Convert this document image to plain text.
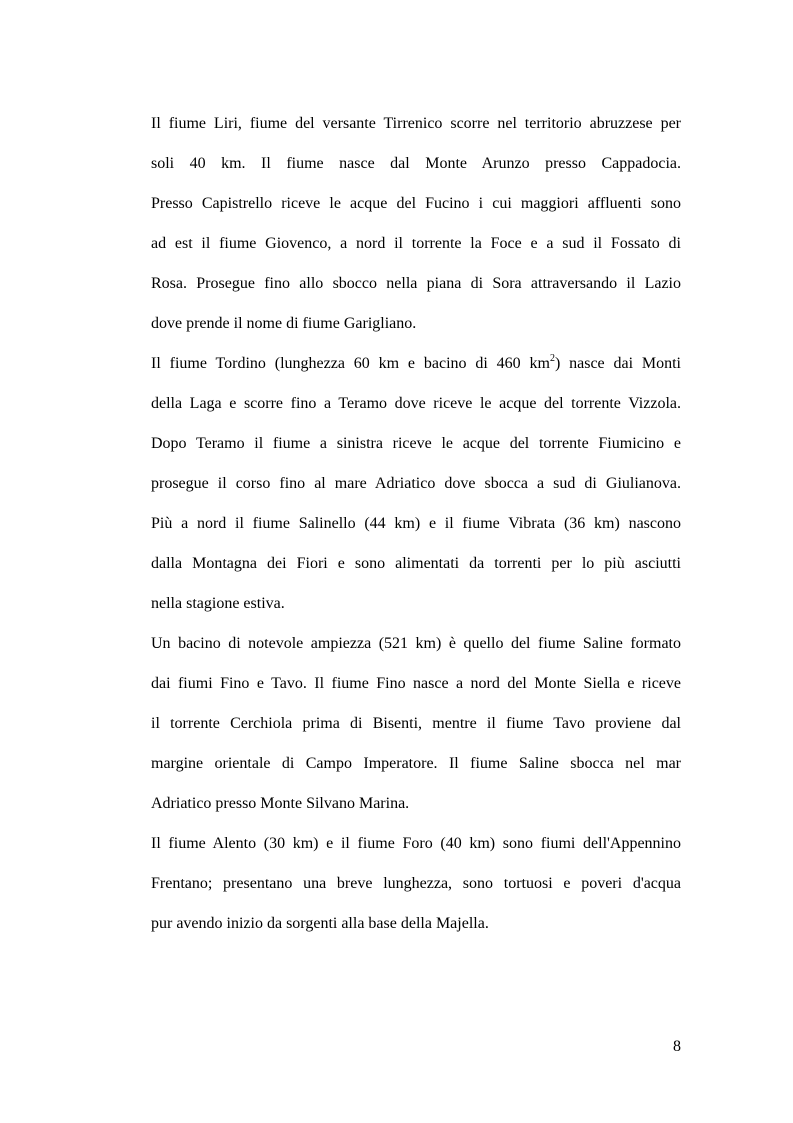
Il fiume Liri, fiume del versante Tirrenico scorre nel territorio abruzzese per
soli 40 km. Il fiume nasce dal Monte Arunzo presso Cappadocia.
Presso Capistrello riceve le acque del Fucino i cui maggiori affluenti sono
ad est il fiume Giovenco, a nord il torrente la Foce e a sud il Fossato di
Rosa. Prosegue fino allo sbocco nella piana di Sora attraversando il Lazio
dove prende il nome di fiume Garigliano.
Il fiume Tordino (lunghezza 60 km e bacino di 460 $km^2$) nasce dai Monti
della Laga e scorre fino a Teramo dove riceve le acque del torrente Vizzola.
Dopo Teramo il fiume a sinistra riceve le acque del torrente Fiumicino e
prosegue il corso fino al mare Adriatico dove sbocca a sud di Giulianova.
Più a nord il fiume Salinello (44 km) e il fiume Vibrata (36 km) nascono
dalla Montagna dei Fiori e sono alimentati da torrenti per lo più asciutti
nella stagione estiva.
Un bacino di notevole ampiezza (521 km) è quello del fiume Saline formato
dai fiumi Fino e Tavo. Il fiume Fino nasce a nord del Monte Siella e riceve
il torrente Cerchiola prima di Bisenti, mentre il fiume Tavo proviene dal
margine orientale di Campo Imperatore. Il fiume Saline sbocca nel mar
Adriatico presso Monte Silvano Marina.
Il fiume Alento (30 km) e il fiume Foro (40 km) sono fiumi dell'Appennino
Frentano; presentano una breve lunghezza, sono tortuosi e poveri d'acqua
pur avendo inizio da sorgenti alla base della Majella.
8
